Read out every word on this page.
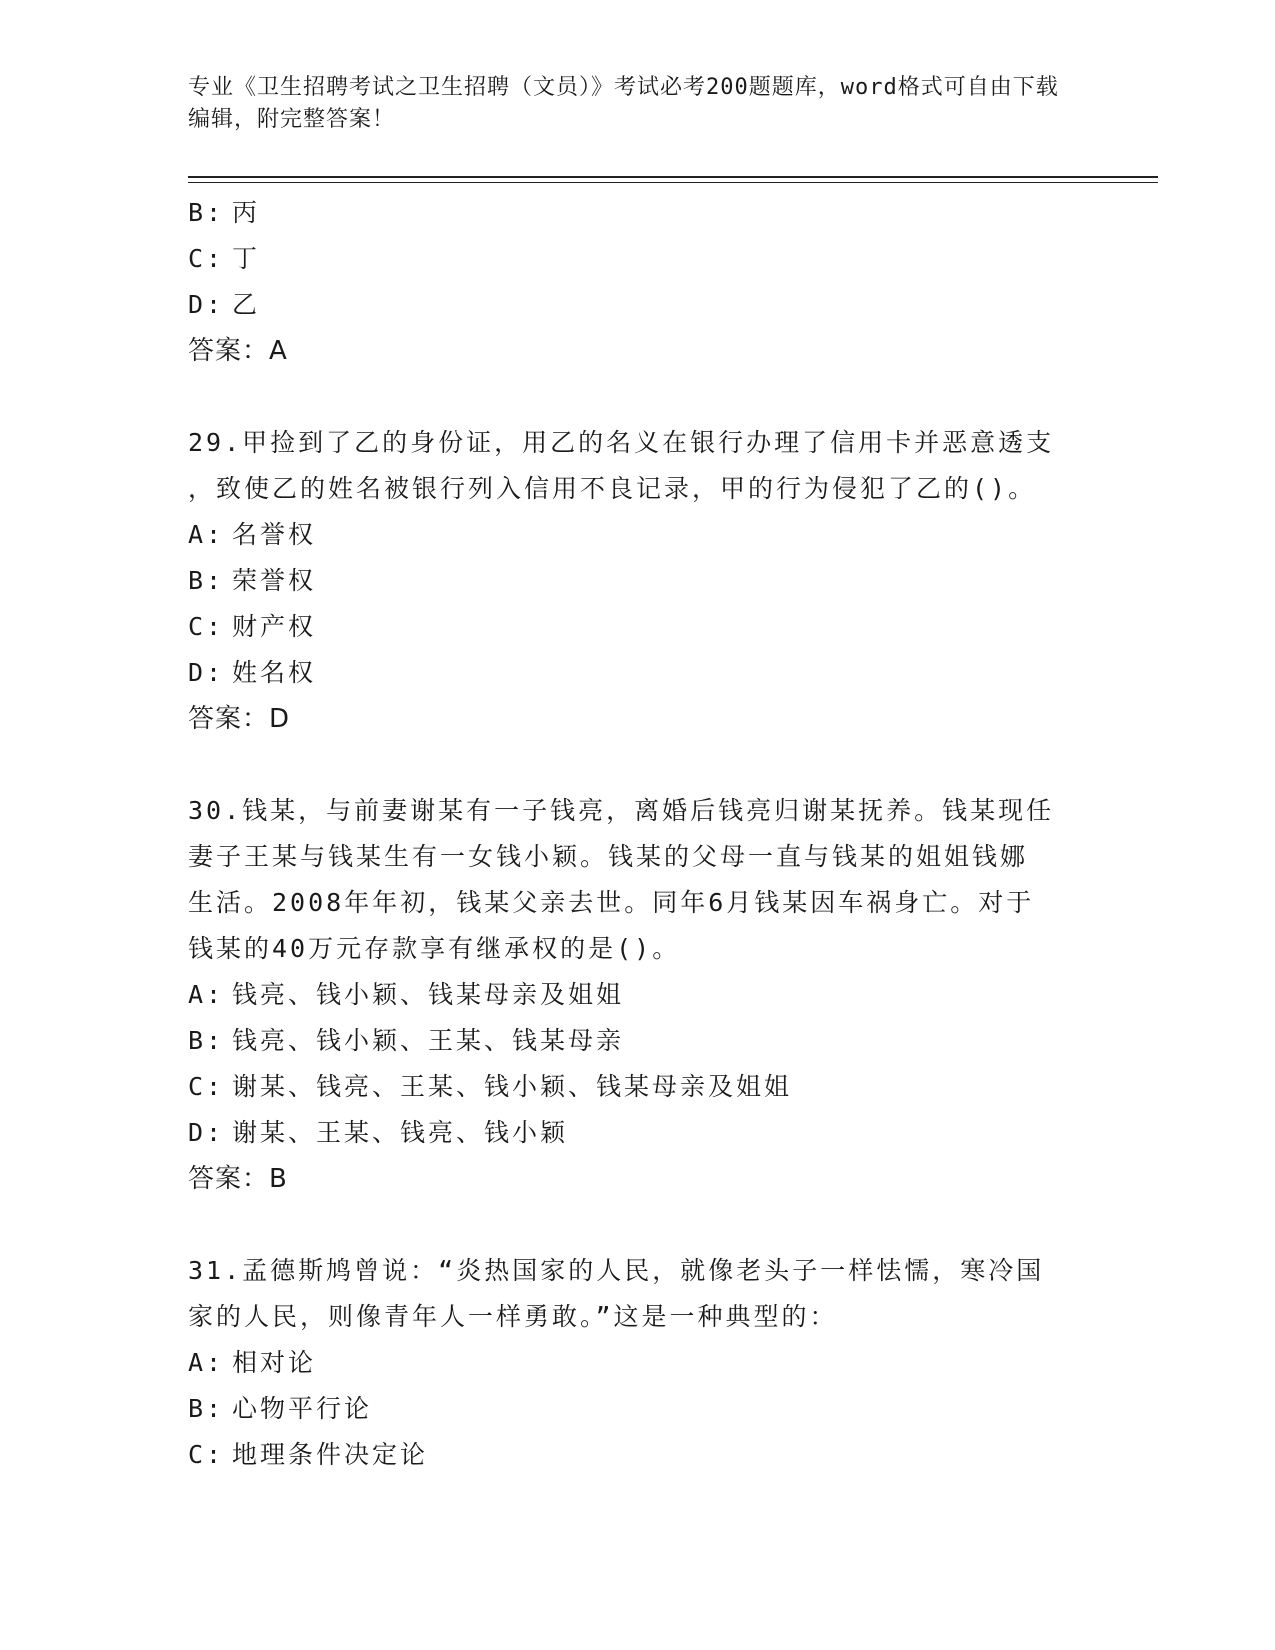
专业《卫生招聘考试之卫生招聘（文员）》考试必考200题题库，word格式可自由下载编辑，附完整答案！
B: 丙
C: 丁
D: 乙
答案：A
29.甲捡到了乙的身份证，用乙的名义在银行办理了信用卡并恶意透支
，致使乙的姓名被银行列入信用不良记录，甲的行为侵犯了乙的()。
A: 名誉权
B: 荣誉权
C: 财产权
D: 姓名权
答案：D
30.钱某，与前妻谢某有一子钱亮，离婚后钱亮归谢某抚养。钱某现任
妻子王某与钱某生有一女钱小颖。钱某的父母一直与钱某的姐姐钱娜
生活。2008年年初，钱某父亲去世。同年6月钱某因车祸身亡。对于
钱某的40万元存款享有继承权的是()。
A: 钱亮、钱小颖、钱某母亲及姐姐
B: 钱亮、钱小颖、王某、钱某母亲
C: 谢某、钱亮、王某、钱小颖、钱某母亲及姐姐
D: 谢某、王某、钱亮、钱小颖
答案：B
31.孟德斯鸠曾说：“炎热国家的人民，就像老头子一样怯懦，寒冷国
家的人民，则像青年人一样勇敢。”这是一种典型的：
A: 相对论
B: 心物平行论
C: 地理条件决定论
